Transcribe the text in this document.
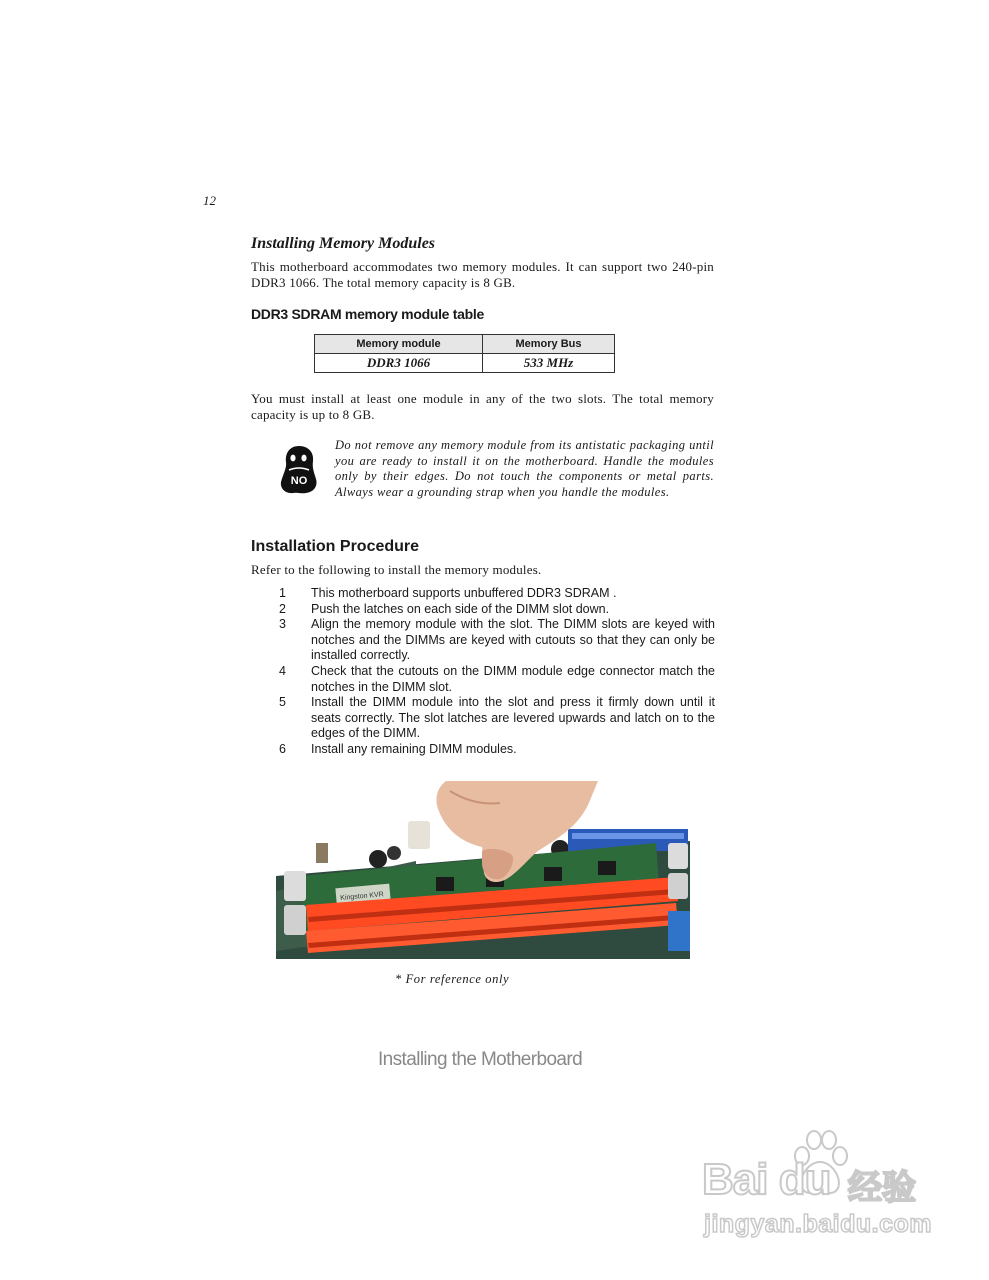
12
Installing Memory Modules
This motherboard accommodates two memory modules. It can support two 240-pin DDR3 1066. The total memory capacity is 8 GB.
DDR3 SDRAM memory module table
Memory module	Memory Bus
DDR3 1066	533 MHz
You must install at least one module in any of the two slots. The total memory capacity is up to 8 GB.
NO
Do not remove any memory module from its antistatic packaging until you are ready to install it on the motherboard. Handle the modules only by their edges. Do not touch the components or metal parts. Always wear a grounding strap when you handle the modules.
Installation Procedure
Refer to the following to install the memory modules.
1	This motherboard supports unbuffered DDR3 SDRAM .
2	Push the latches on each side of the DIMM slot down.
3	Align the memory module with the slot. The DIMM slots are keyed with notches and the DIMMs are keyed with cutouts so that they can only be installed correctly.
4	Check that the cutouts on the DIMM module edge connector match the notches in the DIMM slot.
5	Install the DIMM module into the slot and press it firmly down until it seats correctly. The slot latches are levered upwards and latch on to the edges of the DIMM.
6	Install any remaining DIMM modules.
Kingston KVR
* For reference only
Installing the Motherboard
Bai du 经验
jingyan.baidu.com
